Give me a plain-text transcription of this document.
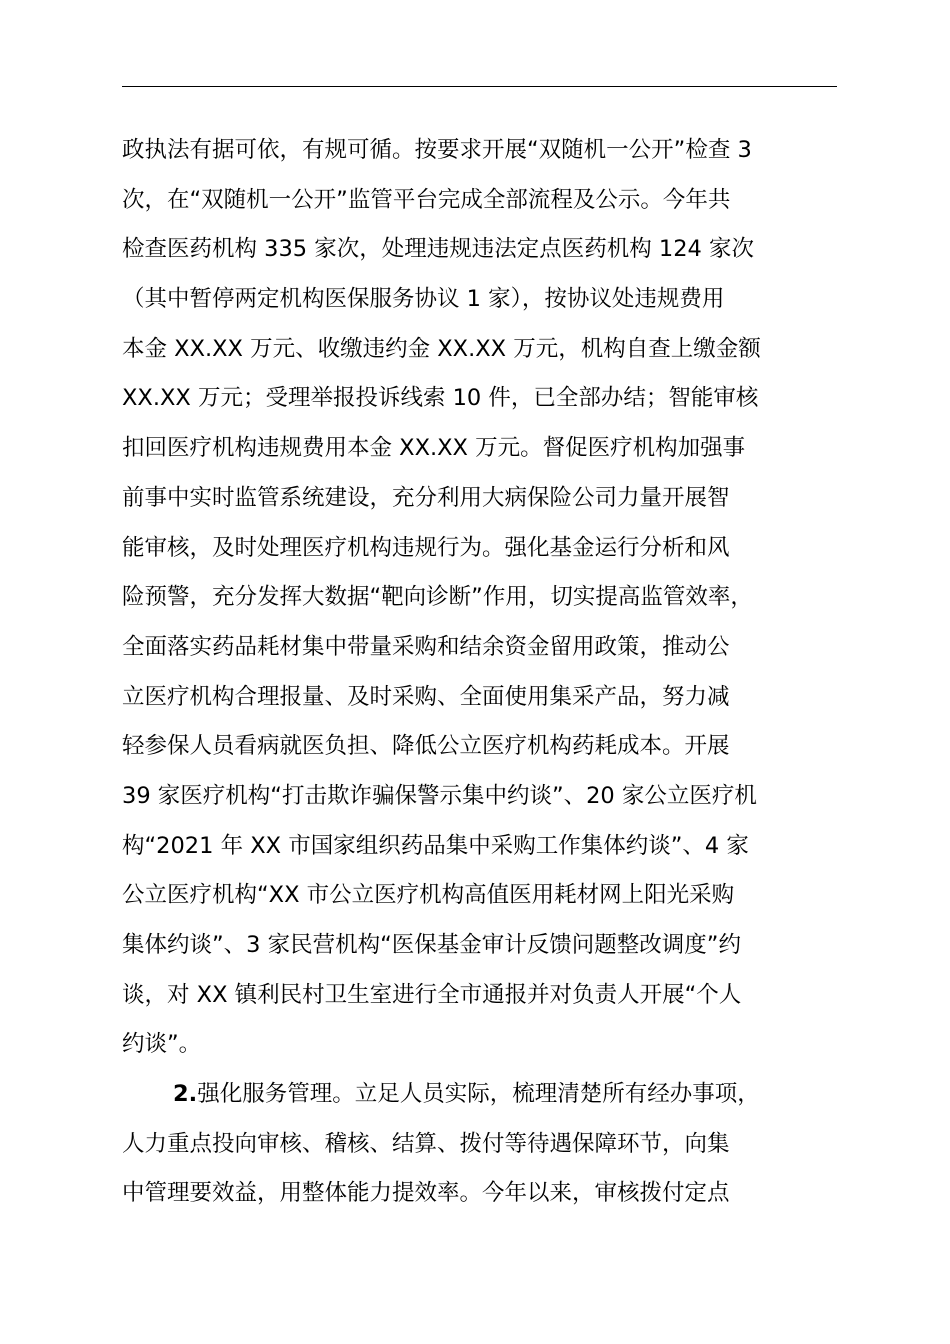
政执法有据可依，有规可循。按要求开展“双随机一公开”检查 3
次，在“双随机一公开”监管平台完成全部流程及公示。今年共
检查医药机构 335 家次，处理违规违法定点医药机构 124 家次
（其中暂停两定机构医保服务协议 1 家），按协议处违规费用
本金 XX.XX 万元、收缴违约金 XX.XX 万元，机构自查上缴金额
XX.XX 万元；受理举报投诉线索 10 件，已全部办结；智能审核
扣回医疗机构违规费用本金 XX.XX 万元。督促医疗机构加强事
前事中实时监管系统建设，充分利用大病保险公司力量开展智
能审核，及时处理医疗机构违规行为。强化基金运行分析和风
险预警，充分发挥大数据“靶向诊断”作用，切实提高监管效率，
全面落实药品耗材集中带量采购和结余资金留用政策，推动公
立医疗机构合理报量、及时采购、全面使用集采产品，努力减
轻参保人员看病就医负担、降低公立医疗机构药耗成本。开展
39 家医疗机构“打击欺诈骗保警示集中约谈”、20 家公立医疗机
构“2021 年 XX 市国家组织药品集中采购工作集体约谈”、4 家
公立医疗机构“XX 市公立医疗机构高值医用耗材网上阳光采购
集体约谈”、3 家民营机构“医保基金审计反馈问题整改调度”约
谈，对 XX 镇利民村卫生室进行全市通报并对负责人开展“个人
约谈”。
2.强化服务管理。立足人员实际，梳理清楚所有经办事项，
人力重点投向审核、稽核、结算、拨付等待遇保障环节，向集
中管理要效益，用整体能力提效率。今年以来，审核拨付定点
